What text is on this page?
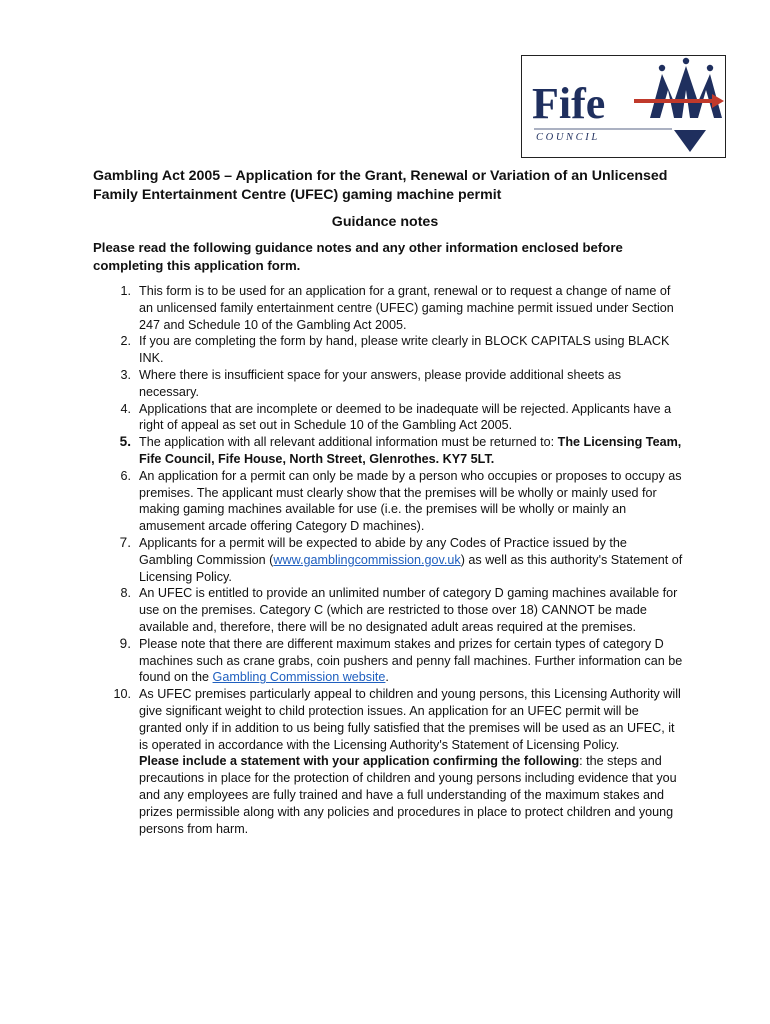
Fife
C O U N C I L
Gambling Act 2005 – Application for the Grant, Renewal or Variation of an Unlicensed Family Entertainment Centre (UFEC) gaming machine permit
Guidance notes

Please read the following guidance notes and any other information enclosed before completing this application form.

1. This form is to be used for an application for a grant, renewal or to request a change of name of an unlicensed family entertainment centre (UFEC) gaming machine permit issued under Section 247 and Schedule 10 of the Gambling Act 2005.
2. If you are completing the form by hand, please write clearly in BLOCK CAPITALS using BLACK INK.
3. Where there is insufficient space for your answers, please provide additional sheets as necessary.
4. Applications that are incomplete or deemed to be inadequate will be rejected. Applicants have a right of appeal as set out in Schedule 10 of the Gambling Act 2005.
5. The application with all relevant additional information must be returned to: The Licensing Team, Fife Council, Fife House, North Street, Glenrothes. KY7 5LT.
6. An application for a permit can only be made by a person who occupies or proposes to occupy as premises. The applicant must clearly show that the premises will be wholly or mainly used for making gaming machines available for use (i.e. the premises will be wholly or mainly an amusement arcade offering Category D machines).
7. Applicants for a permit will be expected to abide by any Codes of Practice issued by the Gambling Commission (www.gamblingcommission.gov.uk) as well as this authority's Statement of Licensing Policy.
8. An UFEC is entitled to provide an unlimited number of category D gaming machines available for use on the premises. Category C (which are restricted to those over 18) CANNOT be made available and, therefore, there will be no designated adult areas required at the premises.
9. Please note that there are different maximum stakes and prizes for certain types of category D machines such as crane grabs, coin pushers and penny fall machines. Further information can be found on the Gambling Commission website.
10. As UFEC premises particularly appeal to children and young persons, this Licensing Authority will give significant weight to child protection issues. An application for an UFEC permit will be granted only if in addition to us being fully satisfied that the premises will be used as an UFEC, it is operated in accordance with the Licensing Authority's Statement of Licensing Policy.
Please include a statement with your application confirming the following: the steps and precautions in place for the protection of children and young persons including evidence that you and any employees are fully trained and have a full understanding of the maximum stakes and prizes permissible along with any policies and procedures in place to protect children and young persons from harm.
